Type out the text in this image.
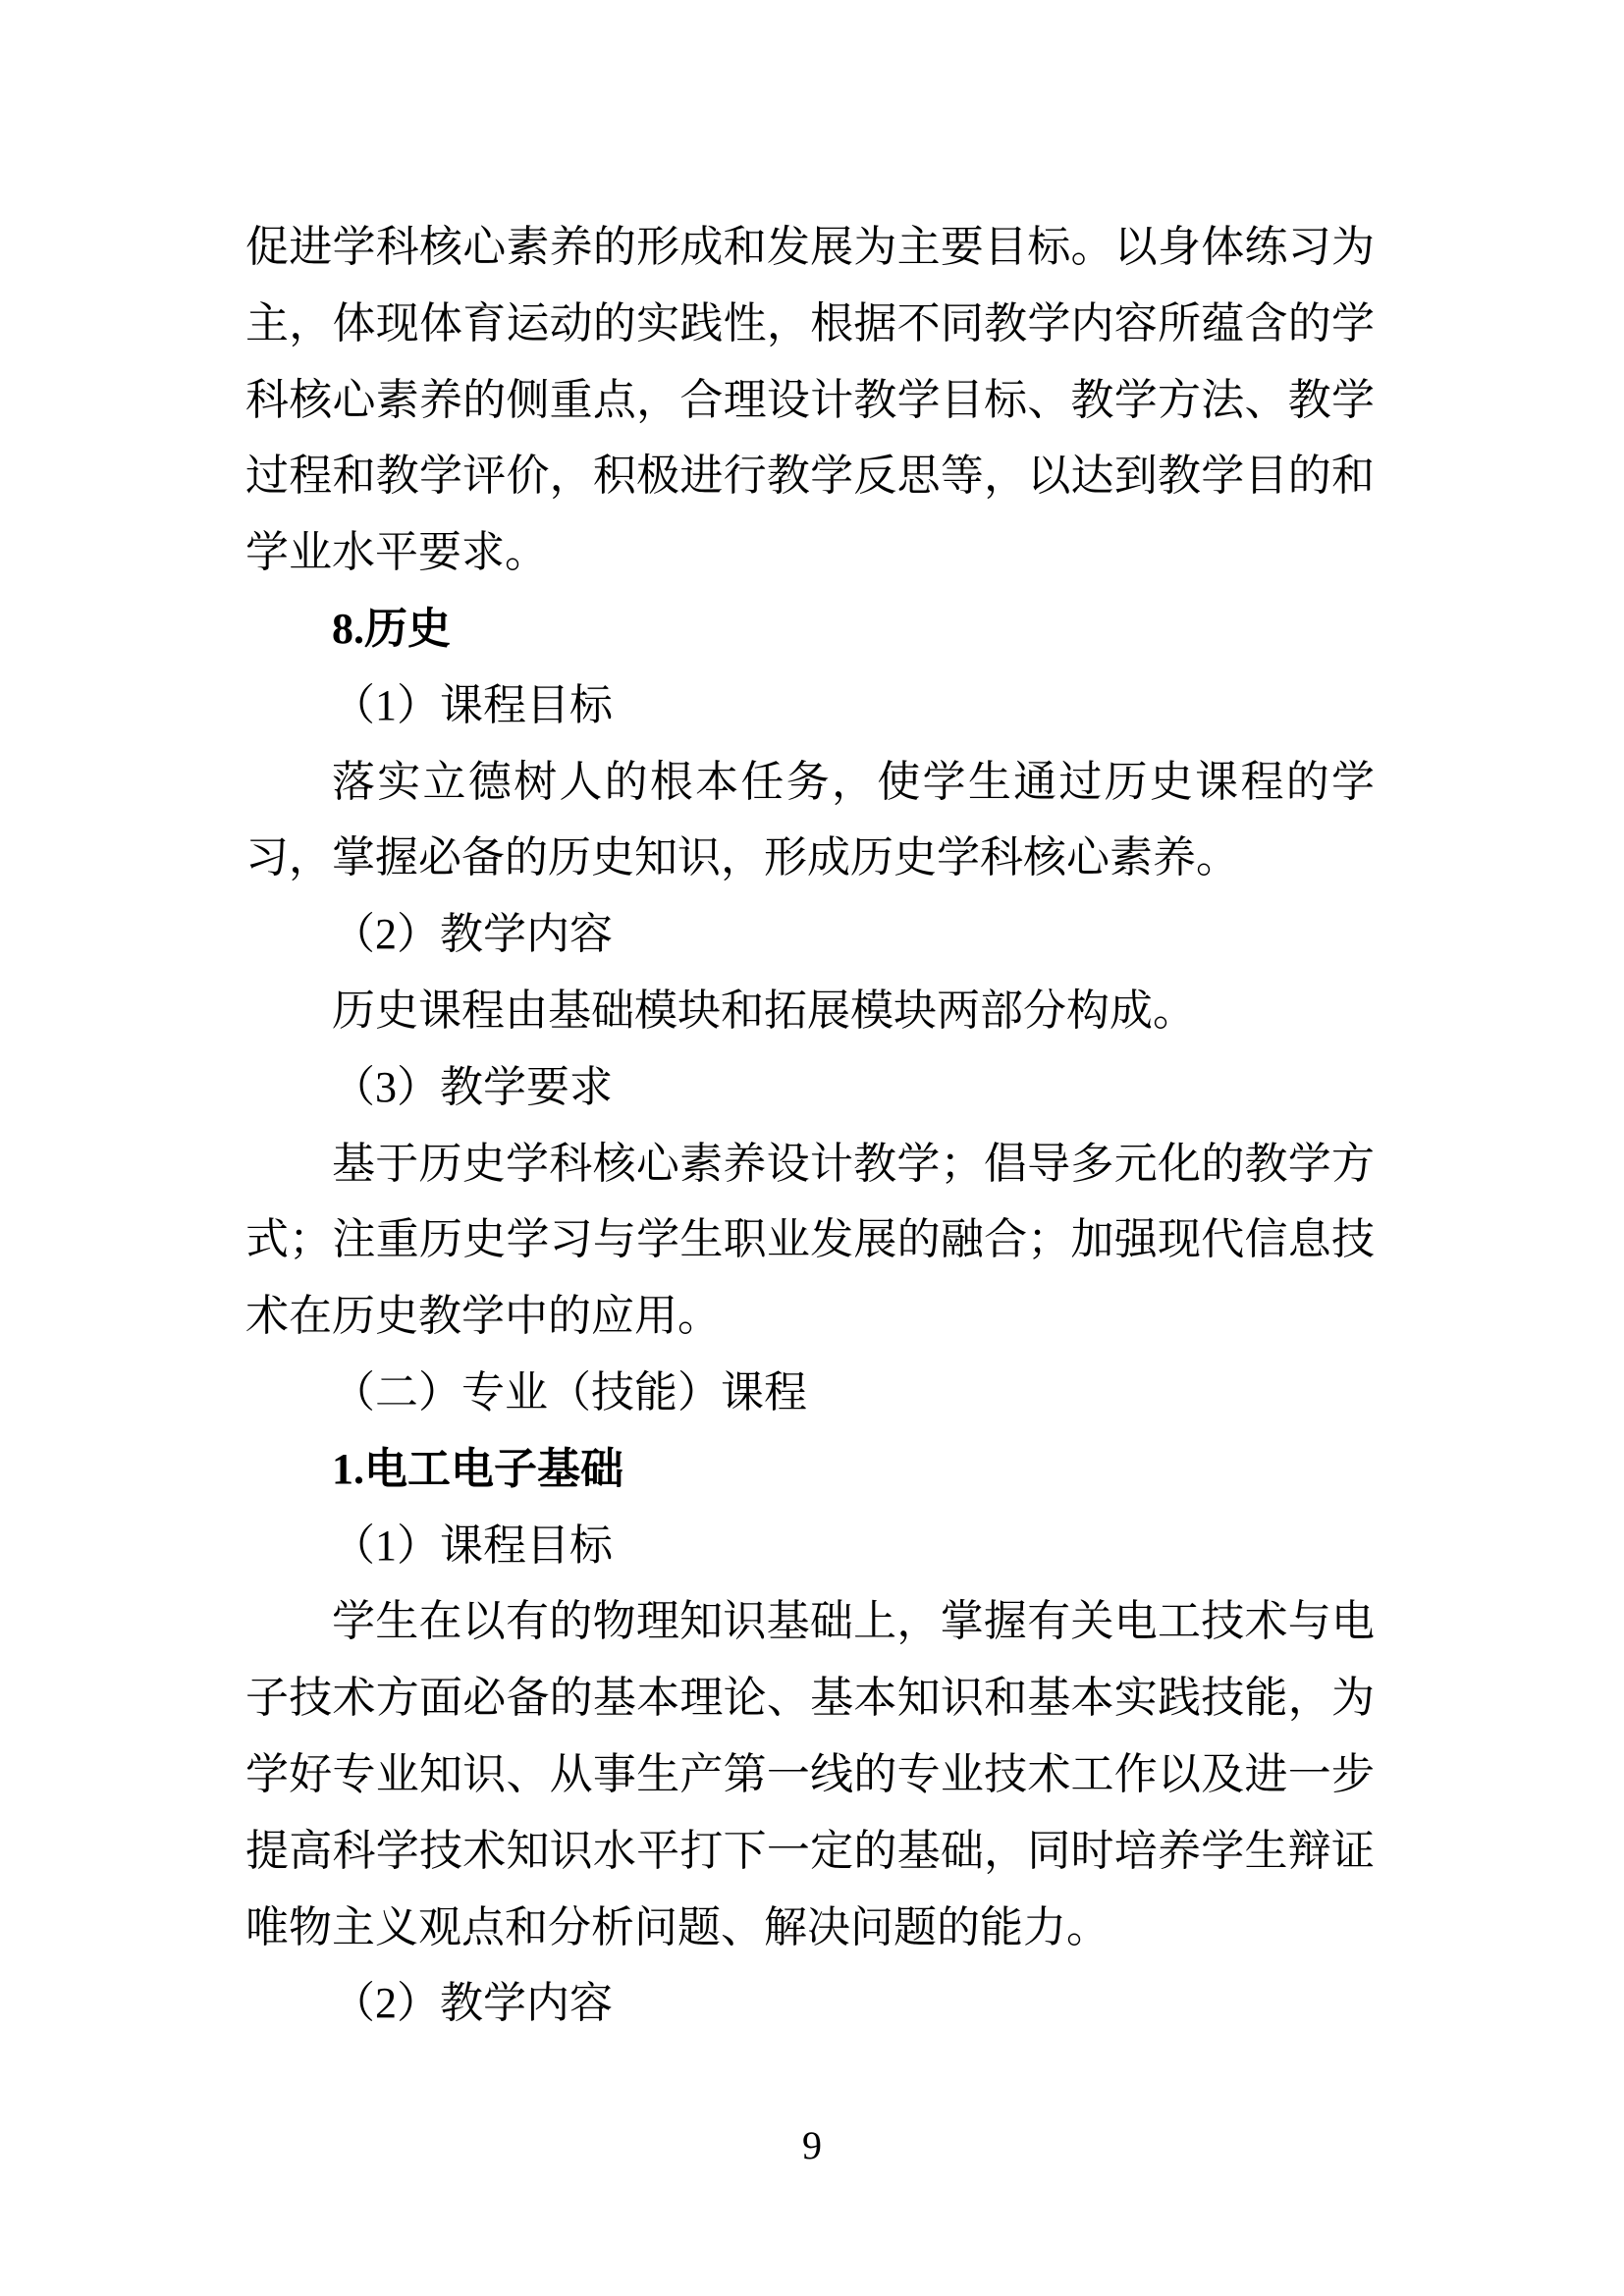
促进学科核心素养的形成和发展为主要目标。以身体练习为
主，体现体育运动的实践性，根据不同教学内容所蕴含的学
科核心素养的侧重点，合理设计教学目标、教学方法、教学
过程和教学评价，积极进行教学反思等，以达到教学目的和
学业水平要求。
8.历史
（1）课程目标
落实立德树人的根本任务，使学生通过历史课程的学
习，掌握必备的历史知识，形成历史学科核心素养。
（2）教学内容
历史课程由基础模块和拓展模块两部分构成。
（3）教学要求
基于历史学科核心素养设计教学；倡导多元化的教学方
式；注重历史学习与学生职业发展的融合；加强现代信息技
术在历史教学中的应用。
（二）专业（技能）课程
1.电工电子基础
（1）课程目标
学生在以有的物理知识基础上，掌握有关电工技术与电
子技术方面必备的基本理论、基本知识和基本实践技能，为
学好专业知识、从事生产第一线的专业技术工作以及进一步
提高科学技术知识水平打下一定的基础，同时培养学生辩证
唯物主义观点和分析问题、解决问题的能力。
（2）教学内容
9
